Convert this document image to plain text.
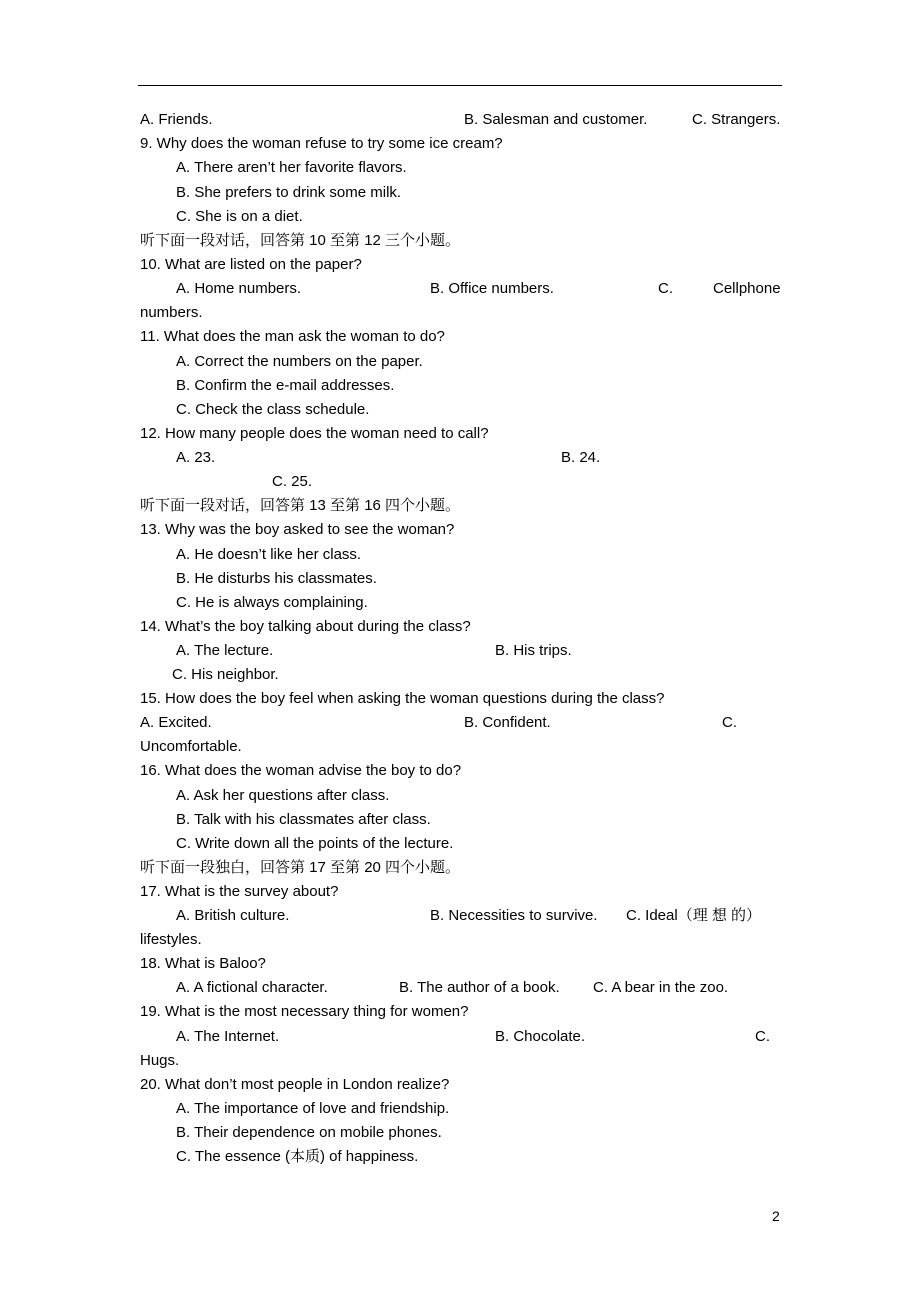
A. Friends.	B. Salesman and customer.	C. Strangers.
9. Why does the woman refuse to try some ice cream?
A. There aren’t her favorite flavors.
B. She prefers to drink some milk.
C. She is on a diet.
听下面一段对话，回答第 10 至第 12 三个小题。
10. What are listed on the paper?
A. Home numbers.	B. Office numbers.	C.	Cellphone
numbers.
11. What does the man ask the woman to do?
A. Correct the numbers on the paper.
B. Confirm the e-mail addresses.
C. Check the class schedule.
12. How many people does the woman need to call?
A. 23.	B. 24.
C. 25.
听下面一段对话，回答第 13 至第 16 四个小题。
13. Why was the boy asked to see the woman?
A. He doesn’t like her class.
B. He disturbs his classmates.
C. He is always complaining.
14. What’s the boy talking about during the class?
A. The lecture.	B. His trips.
C. His neighbor.
15. How does the boy feel when asking the woman questions during the class?
A. Excited.	B. Confident.	C.
Uncomfortable.
16. What does the woman advise the boy to do?
A. Ask her questions after class.
B. Talk with his classmates after class.
C. Write down all the points of the lecture.
听下面一段独白，回答第 17 至第 20 四个小题。
17. What is the survey about?
A. British culture.	B. Necessities to survive. C. Ideal（理 想 的）
lifestyles.
18. What is Baloo?
A. A fictional character.	B. The author of a book. C. A bear in the zoo.
19. What is the most necessary thing for women?
A. The Internet.	B. Chocolate.	C.
Hugs.
20. What don’t most people in London realize?
A. The importance of love and friendship.
B. Their dependence on mobile phones.
C. The essence (本质) of happiness.
2
